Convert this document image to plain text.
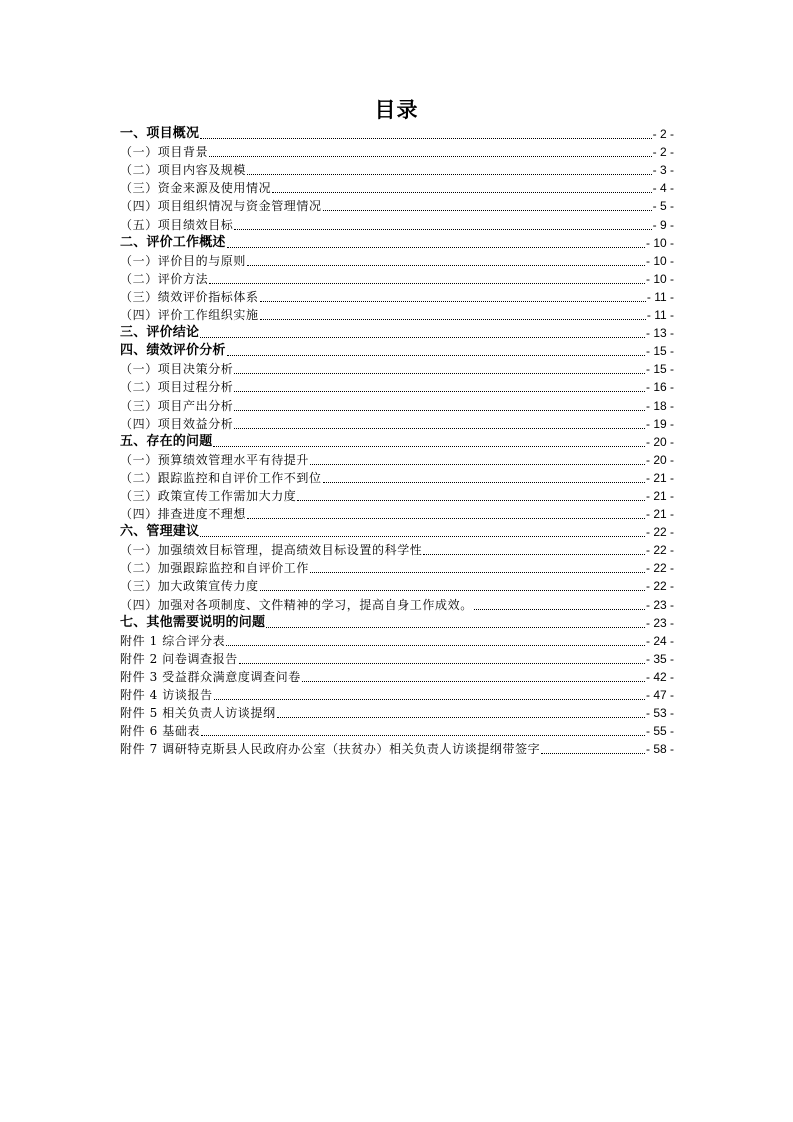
目录
一、项目概况	- 2 -
（一）项目背景	- 2 -
（二）项目内容及规模	- 3 -
（三）资金来源及使用情况	- 4 -
（四）项目组织情况与资金管理情况	- 5 -
（五）项目绩效目标	- 9 -
二、评价工作概述	- 10 -
（一）评价目的与原则	- 10 -
（二）评价方法	- 10 -
（三）绩效评价指标体系	- 11 -
（四）评价工作组织实施	- 11 -
三、评价结论	- 13 -
四、绩效评价分析	- 15 -
（一）项目决策分析	- 15 -
（二）项目过程分析	- 16 -
（三）项目产出分析	- 18 -
（四）项目效益分析	- 19 -
五、存在的问题	- 20 -
（一）预算绩效管理水平有待提升	- 20 -
（二）跟踪监控和自评价工作不到位	- 21 -
（三）政策宣传工作需加大力度	- 21 -
（四）排查进度不理想	- 21 -
六、管理建议	- 22 -
（一）加强绩效目标管理，提高绩效目标设置的科学性	- 22 -
（二）加强跟踪监控和自评价工作	- 22 -
（三）加大政策宣传力度	- 22 -
（四）加强对各项制度、文件精神的学习，提高自身工作成效。	- 23 -
七、其他需要说明的问题	- 23 -
附件 1 综合评分表	- 24 -
附件 2 问卷调查报告	- 35 -
附件 3 受益群众满意度调查问卷	- 42 -
附件 4 访谈报告	- 47 -
附件 5 相关负责人访谈提纲	- 53 -
附件 6 基础表	- 55 -
附件 7 调研特克斯县人民政府办公室（扶贫办）相关负责人访谈提纲带签字	- 58 -
